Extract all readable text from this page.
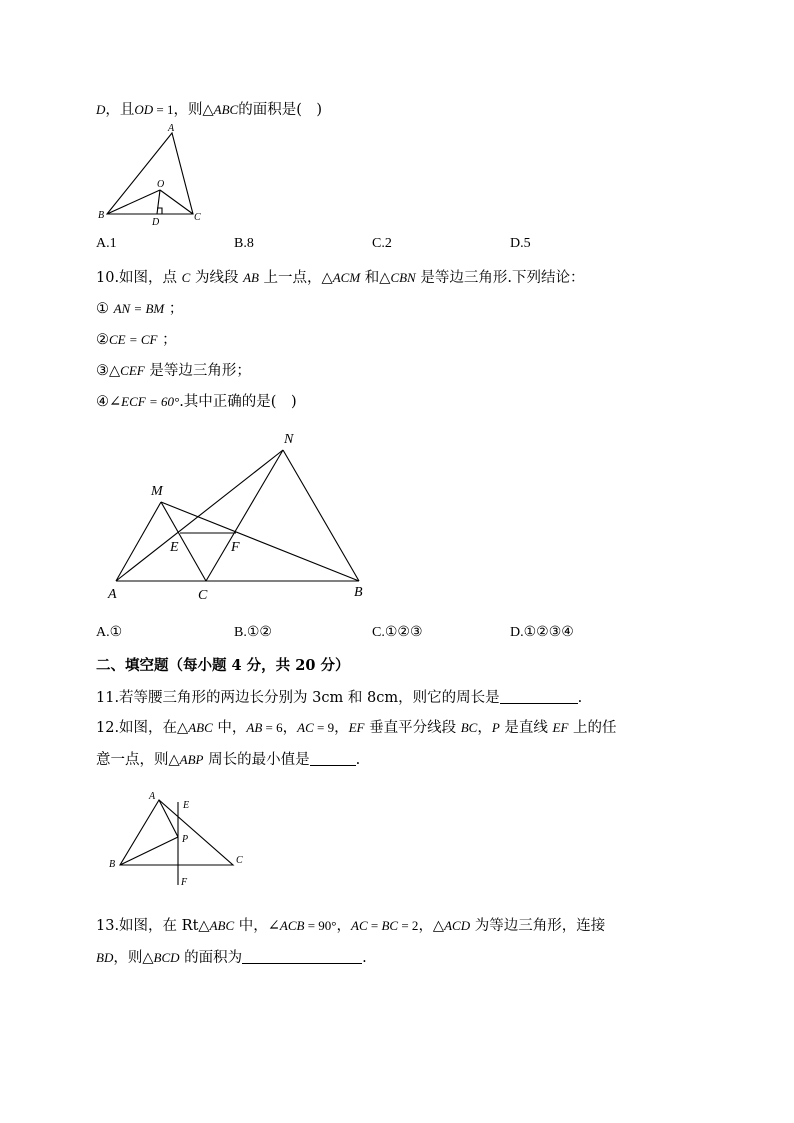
D，且OD = 1，则△ABC的面积是(　)
A
B	C
O
D
A.1	B.8	C.2	D.5
10.如图，点 C 为线段 AB 上一点，△ACM 和△CBN 是等边三角形.下列结论：
① AN = BM ；
②CE = CF ；
③△CEF 是等边三角形；
④∠ECF = 60°.其中正确的是(　)
N
M
E	F
A	C	B
A.①	B.①②	C.①②③	D.①②③④
二、填空题（每小题 4 分，共 20 分）
11.若等腰三角形的两边长分别为 3cm 和 8cm，则它的周长是	.
12.如图，在△ABC 中，AB = 6，AC = 9，EF 垂直平分线段 BC，P 是直线 EF 上的任
意一点，则△ABP 周长的最小值是	.
A
E
P
B	C
F
13.如图，在 Rt△ABC 中，∠ACB = 90°，AC = BC = 2，△ACD 为等边三角形，连接
BD，则△BCD 的面积为	.
